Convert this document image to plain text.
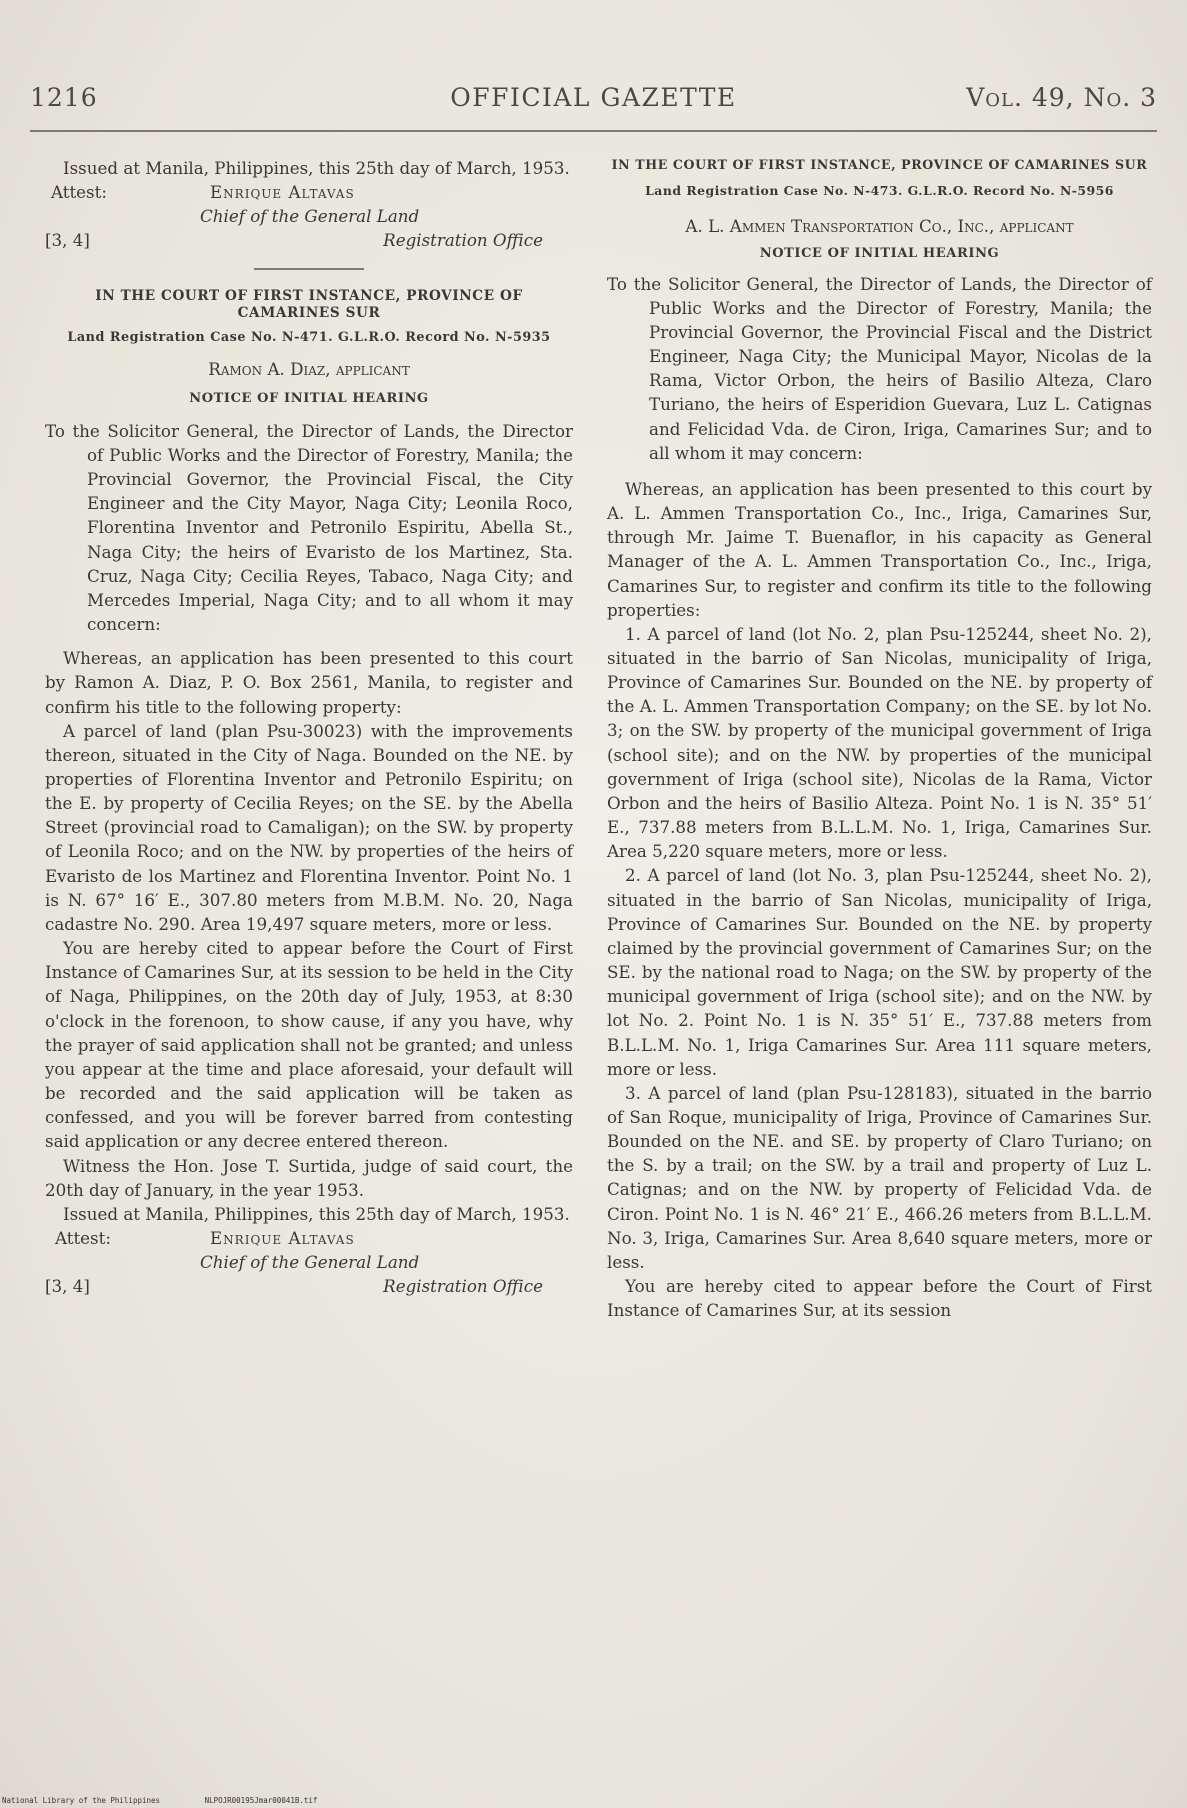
1216	OFFICIAL GAZETTE	Vol. 49, No. 3

Issued at Manila, Philippines, this 25th day of March, 1953.

Attest:	Enrique Altavas
Chief of the General Land
[3, 4]	Registration Office

IN THE COURT OF FIRST INSTANCE, PROVINCE OF CAMARINES SUR

Land Registration Case No. N-471. G.L.R.O. Record No. N-5935

Ramon A. Diaz, applicant

NOTICE OF INITIAL HEARING

To the Solicitor General, the Director of Lands, the Director of Public Works and the Director of Forestry, Manila; the Provincial Governor, the Provincial Fiscal, the City Engineer and the City Mayor, Naga City; Leonila Roco, Florentina Inventor and Petronilo Espiritu, Abella St., Naga City; the heirs of Evaristo de los Martinez, Sta. Cruz, Naga City; Cecilia Reyes, Tabaco, Naga City; and Mercedes Imperial, Naga City; and to all whom it may concern:

Whereas, an application has been presented to this court by Ramon A. Diaz, P. O. Box 2561, Manila, to register and confirm his title to the following property:

A parcel of land (plan Psu-30023) with the improvements thereon, situated in the City of Naga. Bounded on the NE. by properties of Florentina Inventor and Petronilo Espiritu; on the E. by property of Cecilia Reyes; on the SE. by the Abella Street (provincial road to Camaligan); on the SW. by property of Leonila Roco; and on the NW. by properties of the heirs of Evaristo de los Martinez and Florentina Inventor. Point No. 1 is N. 67° 16′ E., 307.80 meters from M.B.M. No. 20, Naga cadastre No. 290. Area 19,497 square meters, more or less.

You are hereby cited to appear before the Court of First Instance of Camarines Sur, at its session to be held in the City of Naga, Philippines, on the 20th day of July, 1953, at 8:30 o'clock in the forenoon, to show cause, if any you have, why the prayer of said application shall not be granted; and unless you appear at the time and place aforesaid, your default will be recorded and the said application will be taken as confessed, and you will be forever barred from contesting said application or any decree entered thereon.

Witness the Hon. Jose T. Surtida, judge of said court, the 20th day of January, in the year 1953.

Issued at Manila, Philippines, this 25th day of March, 1953.

Attest:	Enrique Altavas
Chief of the General Land
[3, 4]	Registration Office

IN THE COURT OF FIRST INSTANCE, PROVINCE OF CAMARINES SUR

Land Registration Case No. N-473. G.L.R.O. Record No. N-5956

A. L. Ammen Transportation Co., Inc., applicant

NOTICE OF INITIAL HEARING

To the Solicitor General, the Director of Lands, the Director of Public Works and the Director of Forestry, Manila; the Provincial Governor, the Provincial Fiscal and the District Engineer, Naga City; the Municipal Mayor, Nicolas de la Rama, Victor Orbon, the heirs of Basilio Alteza, Claro Turiano, the heirs of Esperidion Guevara, Luz L. Catignas and Felicidad Vda. de Ciron, Iriga, Camarines Sur; and to all whom it may concern:

Whereas, an application has been presented to this court by A. L. Ammen Transportation Co., Inc., Iriga, Camarines Sur, through Mr. Jaime T. Buenaflor, in his capacity as General Manager of the A. L. Ammen Transportation Co., Inc., Iriga, Camarines Sur, to register and confirm its title to the following properties:

1. A parcel of land (lot No. 2, plan Psu-125244, sheet No. 2), situated in the barrio of San Nicolas, municipality of Iriga, Province of Camarines Sur. Bounded on the NE. by property of the A. L. Ammen Transportation Company; on the SE. by lot No. 3; on the SW. by property of the municipal government of Iriga (school site); and on the NW. by properties of the municipal government of Iriga (school site), Nicolas de la Rama, Victor Orbon and the heirs of Basilio Alteza. Point No. 1 is N. 35° 51′ E., 737.88 meters from B.L.L.M. No. 1, Iriga, Camarines Sur. Area 5,220 square meters, more or less.

2. A parcel of land (lot No. 3, plan Psu-125244, sheet No. 2), situated in the barrio of San Nicolas, municipality of Iriga, Province of Camarines Sur. Bounded on the NE. by property claimed by the provincial government of Camarines Sur; on the SE. by the national road to Naga; on the SW. by property of the municipal government of Iriga (school site); and on the NW. by lot No. 2. Point No. 1 is N. 35° 51′ E., 737.88 meters from B.L.L.M. No. 1, Iriga Camarines Sur. Area 111 square meters, more or less.

3. A parcel of land (plan Psu-128183), situated in the barrio of San Roque, municipality of Iriga, Province of Camarines Sur. Bounded on the NE. and SE. by property of Claro Turiano; on the S. by a trail; on the SW. by a trail and property of Luz L. Catignas; and on the NW. by property of Felicidad Vda. de Ciron. Point No. 1 is N. 46° 21′ E., 466.26 meters from B.L.L.M. No. 3, Iriga, Camarines Sur. Area 8,640 square meters, more or less.

You are hereby cited to appear before the Court of First Instance of Camarines Sur, at its session

National Library of the Philippines	NLPOJR00195Jmar00041B.tif
